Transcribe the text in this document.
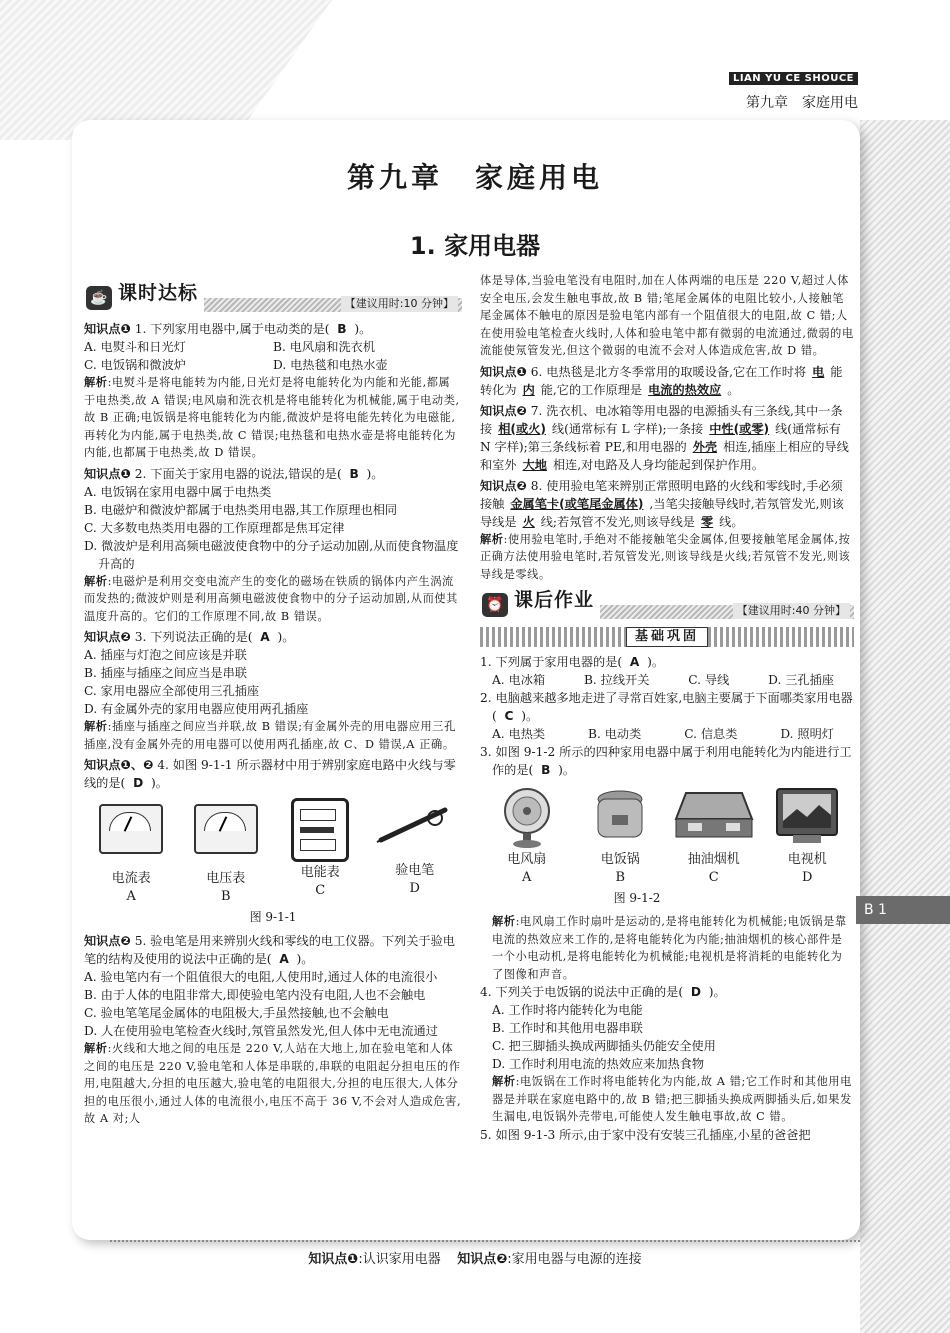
LIAN YU CE SHOUCE
第九章　家庭用电
B 1
第九章　家庭用电
1. 家用电器
☕ 课时达标	【建议用时:10 分钟】

知识点❶ 1. 下列家用电器中,属于电动类的是( B )。

A. 电熨斗和日光灯	B. 电风扇和洗衣机
C. 电饭锅和微波炉	D. 电热毯和电热水壶

解析:电熨斗是将电能转为内能,日光灯是将电能转化为内能和光能,都属于电热类,故 A 错误;电风扇和洗衣机是将电能转化为机械能,属于电动类,故 B 正确;电饭锅是将电能转化为内能,微波炉是将电能先转化为电磁能,再转化为内能,属于电热类,故 C 错误;电热毯和电热水壶是将电能转化为内能,也都属于电热类,故 D 错误。

知识点❶ 2. 下面关于家用电器的说法,错误的是( B )。

A. 电饭锅在家用电器中属于电热类

B. 电磁炉和微波炉都属于电热类用电器,其工作原理也相同

C. 大多数电热类用电器的工作原理都是焦耳定律

D. 微波炉是利用高频电磁波使食物中的分子运动加剧,从而使食物温度升高的

解析:电磁炉是利用交变电流产生的变化的磁场在铁质的锅体内产生涡流而发热的;微波炉则是利用高频电磁波使食物中的分子运动加剧,从而使其温度升高的。它们的工作原理不同,故 B 错误。

知识点❷ 3. 下列说法正确的是( A )。

A. 插座与灯泡之间应该是并联

B. 插座与插座之间应当是串联

C. 家用电器应全部使用三孔插座

D. 有金属外壳的家用电器应使用两孔插座

解析:插座与插座之间应当并联,故 B 错误;有金属外壳的用电器应用三孔插座,没有金属外壳的用电器可以使用两孔插座,故 C、D 错误,A 正确。

知识点❶、❷ 4. 如图 9-1-1 所示器材中用于辨别家庭电路中火线与零线的是( D )。

电流表
A
电压表
B
电能表
C
验电笔
D
图 9-1-1

知识点❷ 5. 验电笔是用来辨别火线和零线的电工仪器。下列关于验电笔的结构及使用的说法中正确的是( A )。

A. 验电笔内有一个阻值很大的电阻,人使用时,通过人体的电流很小

B. 由于人体的电阻非常大,即使验电笔内没有电阻,人也不会触电

C. 验电笔笔尾金属体的电阻极大,手虽然接触,也不会触电

D. 人在使用验电笔检查火线时,氖管虽然发光,但人体中无电流通过

解析:火线和大地之间的电压是 220 V,人站在大地上,加在验电笔和人体之间的电压是 220 V,验电笔和人体是串联的,串联的电阻起分担电压的作用,电阻越大,分担的电压越大,验电笔的电阻很大,分担的电压很大,人体分担的电压很小,通过人体的电流很小,电压不高于 36 V,不会对人造成危害,故 A 对;人

体是导体,当验电笔没有电阻时,加在人体两端的电压是 220 V,超过人体安全电压,会发生触电事故,故 B 错;笔尾金属体的电阻比较小,人接触笔尾金属体不触电的原因是验电笔内部有一个阻值很大的电阻,故 C 错;人在使用验电笔检查火线时,人体和验电笔中都有微弱的电流通过,微弱的电流能使氖管发光,但这个微弱的电流不会对人体造成危害,故 D 错。

知识点❶ 6. 电热毯是北方冬季常用的取暖设备,它在工作时将 电 能转化为 内 能,它的工作原理是 电流的热效应 。

知识点❷ 7. 洗衣机、电冰箱等用电器的电源插头有三条线,其中一条接 相(或火) 线(通常标有 L 字样);一条接 中性(或零) 线(通常标有 N 字样);第三条线标着 PE,和用电器的 外壳 相连,插座上相应的导线和室外 大地 相连,对电路及人身均能起到保护作用。

知识点❷ 8. 使用验电笔来辨别正常照明电路的火线和零线时,手必须接触 金属笔卡(或笔尾金属体) ,当笔尖接触导线时,若氖管发光,则该导线是 火 线;若氖管不发光,则该导线是 零 线。

解析:使用验电笔时,手绝对不能接触笔尖金属体,但要接触笔尾金属体,按正确方法使用验电笔时,若氖管发光,则该导线是火线;若氖管不发光,则该导线是零线。

⏰ 课后作业	【建议用时:40 分钟】
基础巩固

1. 下列属于家用电器的是( A )。

A. 电冰箱	B. 拉线开关	C. 导线	D. 三孔插座

2. 电脑越来越多地走进了寻常百姓家,电脑主要属于下面哪类家用电器( C )。

A. 电热类	B. 电动类	C. 信息类	D. 照明灯

3. 如图 9-1-2 所示的四种家用电器中属于利用电能转化为内能进行工作的是( B )。

电风扇
A
电饭锅
B
抽油烟机
C
电视机
D
图 9-1-2

解析:电风扇工作时扇叶是运动的,是将电能转化为机械能;电饭锅是靠电流的热效应来工作的,是将电能转化为内能;抽油烟机的核心部件是一个小电动机,是将电能转化为机械能;电视机是将消耗的电能转化为了图像和声音。

4. 下列关于电饭锅的说法中正确的是( D )。

A. 工作时将内能转化为电能

B. 工作时和其他用电器串联

C. 把三脚插头换成两脚插头仍能安全使用

D. 工作时利用电流的热效应来加热食物

解析:电饭锅在工作时将电能转化为内能,故 A 错;它工作时和其他用电器是并联在家庭电路中的,故 B 错;把三脚插头换成两脚插头后,如果发生漏电,电饭锅外壳带电,可能使人发生触电事故,故 C 错。

5. 如图 9-1-3 所示,由于家中没有安装三孔插座,小星的爸爸把

知识点❶:认识家用电器 知识点❷:家用电器与电源的连接
